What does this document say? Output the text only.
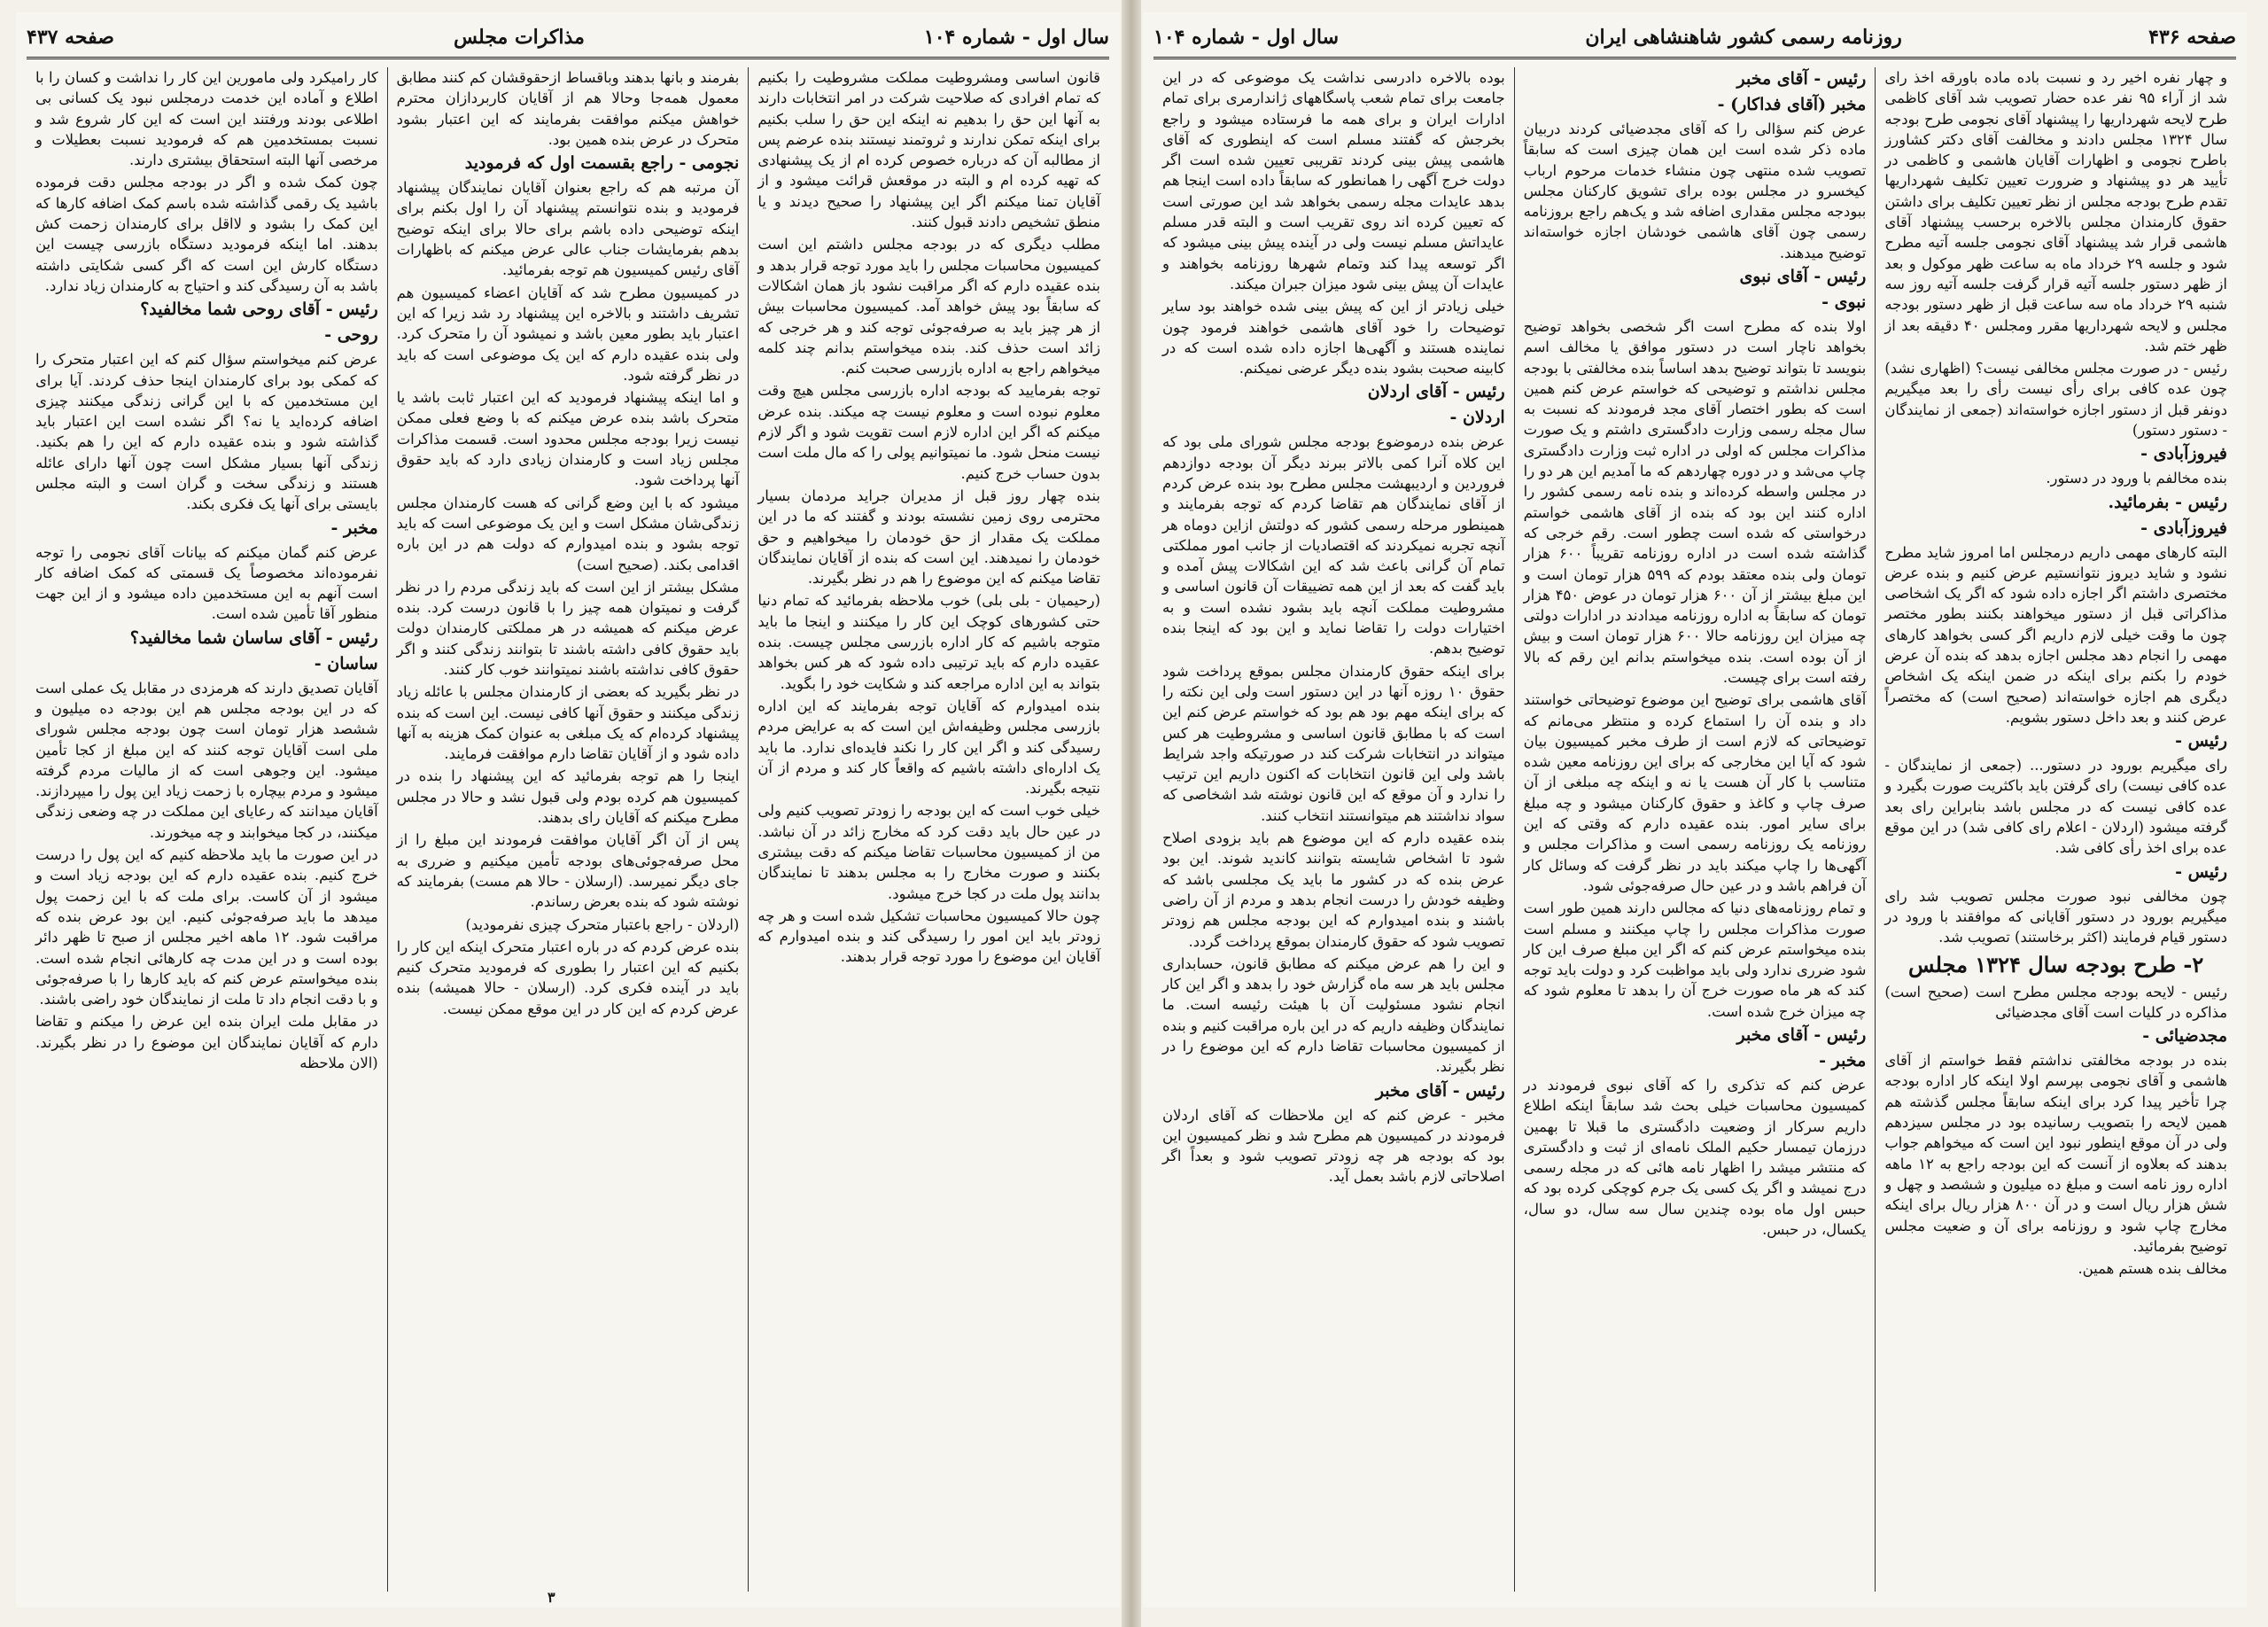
صفحه ۴۳۶
روزنامه رسمی کشور شاهنشاهی ایران
سال اول - شماره ۱۰۴

و چهار نفره اخیر رد و نسبت باده ماده باورقه اخذ رای شد از آراء ۹۵ نفر عده حضار تصویب شد آقای کاظمی طرح لایحه شهرداریها را پیشنهاد آقای نجومی طرح بودجه سال ۱۳۲۴ مجلس دادند و مخالفت آقای دکتر کشاورز باطرح نجومی و اظهارات آقایان هاشمی و کاظمی در تأیید هر دو پیشنهاد و ضرورت تعیین تکلیف شهرداریها تقدم طرح بودجه مجلس از نظر تعیین تکلیف برای داشتن حقوق کارمندان مجلس بالاخره برحسب پیشنهاد آقای هاشمی قرار شد پیشنهاد آقای نجومی جلسه آتیه مطرح شود و جلسه ۲۹ خرداد ماه به ساعت ظهر موکول و بعد از ظهر دستور جلسه آتیه قرار گرفت جلسه آتیه روز سه شنبه ۲۹ خرداد ماه سه ساعت قبل از ظهر دستور بودجه مجلس و لایحه شهرداریها مقرر ومجلس ۴۰ دقیقه بعد از ظهر ختم شد.

رئیس - در صورت مجلس مخالفی نیست؟ (اظهاری نشد) چون عده کافی برای رأی نیست رأی را بعد میگیریم دونفر قبل از دستور اجازه خواسته‌اند (جمعی از نمایندگان - دستور دستور)

فیروزآبادی -

بنده مخالفم با ورود در دستور.

رئیس - بفرمائید.

فیروزآبادی -

البته کارهای مهمی داریم درمجلس اما امروز شاید مطرح نشود و شاید دیروز نتوانستیم عرض کنیم و بنده عرض مختصری داشتم اگر اجازه داده شود که اگر یک اشخاصی مذاکراتی قبل از دستور میخواهند بکنند بطور مختصر چون ما وقت خیلی لازم داریم اگر کسی بخواهد کارهای مهمی را انجام دهد مجلس اجازه بدهد که بنده آن عرض خودم را بکنم برای اینکه در ضمن اینکه یک اشخاص دیگری هم اجازه خواسته‌اند (صحیح است) که مختصراً عرض کنند و بعد داخل دستور بشویم.

رئیس -

رای میگیریم بورود در دستور... (جمعی از نمایندگان - عده کافی نیست) رای گرفتن باید باکثریت صورت بگیرد و عده کافی نیست که در مجلس باشد بنابراین رای بعد گرفته میشود (اردلان - اعلام رای کافی شد) در این موقع عده برای اخذ رأی کافی شد.

رئیس -

چون مخالفی نبود صورت مجلس تصویب شد رای میگیریم بورود در دستور آقایانی که موافقند با ورود در دستور قیام فرمایند (اکثر برخاستند) تصویب شد.

۲- طرح بودجه سال ۱۳۲۴ مجلس

رئیس - لایحه بودجه مجلس مطرح است (صحیح است) مذاکره در کلیات است آقای مجدضیائی

مجدضیائی -

بنده در بودجه مخالفتی نداشتم فقط خواستم از آقای هاشمی و آقای نجومی بپرسم اولا اینکه کار اداره بودجه چرا تأخیر پیدا کرد برای اینکه سابقاً مجلس گذشته هم همین لایحه را بتصویب رسانیده بود در مجلس سیزدهم ولی در آن موقع اینطور نبود این است که میخواهم جواب بدهند که بعلاوه از آنست که این بودجه راجع به ۱۲ ماهه اداره روز نامه است و مبلغ ده میلیون و ششصد و چهل و شش هزار ریال است و در آن ۸۰۰ هزار ریال برای اینکه مخارج چاپ شود و روزنامه برای آن و ضعیت مجلس توضیح بفرمائید.

مخالف بنده هستم همین.

رئیس - آقای مخبر

مخبر (آقای فداکار) -

عرض کنم سؤالی را که آقای مجدضیائی کردند دربیان ماده ذکر شده است این همان چیزی است که سابقاً تصویب شده منتهی چون منشاء خدمات مرحوم ارباب کیخسرو در مجلس بوده برای تشویق کارکنان مجلس ببودجه مجلس مقداری اضافه شد و یک‌هم راجع بروزنامه رسمی چون آقای هاشمی خودشان اجازه خواسته‌اند توضیح میدهند.

رئیس - آقای نبوی

نبوی -

اولا بنده که مطرح است اگر شخصی بخواهد توضیح بخواهد ناچار است در دستور موافق یا مخالف اسم بنویسد تا بتواند توضیح بدهد اساساً بنده مخالفتی با بودجه مجلس نداشتم و توضیحی که خواستم عرض کنم همین است که بطور اختصار آقای مجد فرمودند که نسبت به سال مجله رسمی وزارت دادگستری داشتم و یک صورت مذاکرات مجلس که اولی در اداره ثبت وزارت دادگستری چاپ می‌شد و در دوره چهاردهم که ما آمدیم این هر دو را در مجلس واسطه کرده‌اند و بنده نامه رسمی کشور را اداره کنند این بود که بنده از آقای هاشمی خواستم درخواستی که شده است چطور است. رقم خرجی که گذاشته شده است در اداره روزنامه تقریباً ۶۰۰ هزار تومان ولی بنده معتقد بودم که ۵۹۹ هزار تومان است و این مبلغ بیشتر از آن ۶۰۰ هزار تومان در عوض ۴۵۰ هزار تومان که سابقاً به اداره روزنامه میدادند در ادارات دولتی چه میزان این روزنامه حالا ۶۰۰ هزار تومان است و بیش از آن بوده است. بنده میخواستم بدانم این رقم که بالا رفته است برای چیست.

آقای هاشمی برای توضیح این موضوع توضیحاتی خواستند داد و بنده آن را استماع کرده و منتظر می‌مانم که توضیحاتی که لازم است از طرف مخبر کمیسیون بیان شود که آیا این مخارجی که برای این روزنامه معین شده متناسب با کار آن هست یا نه و اینکه چه مبلغی از آن صرف چاپ و کاغذ و حقوق کارکنان میشود و چه مبلغ برای سایر امور. بنده عقیده دارم که وقتی که این روزنامه یک روزنامه رسمی است و مذاکرات مجلس و آگهی‌ها را چاپ میکند باید در نظر گرفت که وسائل کار آن فراهم باشد و در عین حال صرفه‌جوئی شود.

و تمام روزنامه‌های دنیا که مجالس دارند همین طور است صورت مذاکرات مجلس را چاپ میکنند و مسلم است بنده میخواستم عرض کنم که اگر این مبلغ صرف این کار شود ضرری ندارد ولی باید مواظبت کرد و دولت باید توجه کند که هر ماه صورت خرج آن را بدهد تا معلوم شود که چه میزان خرج شده است.

رئیس - آقای مخبر

مخبر -

عرض کنم که تذکری را که آقای نبوی فرمودند در کمیسیون محاسبات خیلی بحث شد سابقاً اینکه اطلاع داریم سرکار از وضعیت دادگستری ما قبلا تا بهمین درزمان تیمسار حکیم الملک نامه‌ای از ثبت و دادگستری که منتشر میشد را اظهار نامه هائی که در مجله رسمی درج نمیشد و اگر یک کسی یک جرم کوچکی کرده بود که حبس اول ماه بوده چندین سال سه سال، دو سال، یکسال، در حبس.

بوده‌ بالاخره دادرسی نداشت یک موضوعی که در این جامعت برای تمام شعب پاسگاههای ژاندارمری برای تمام ادارات ایران و برای همه ما فرستاده میشود و راجع بخرجش که گفتند مسلم است که اینطوری که آقای هاشمی پیش بینی کردند تقریبی تعیین شده است اگر دولت خرج آگهی را همانطور که سابقاً داده است اینجا هم بدهد عایدات مجله رسمی بخواهد شد این صورتی است که تعیین کرده اند روی تقریب است و البته قدر مسلم عایداتش مسلم نیست ولی در آینده پیش بینی میشود که اگر توسعه پیدا کند وتمام شهرها روزنامه بخواهند و عایدات آن پیش بینی شود میزان جبران میکند.

خیلی زیادتر از این که پیش بینی شده خواهند بود سایر توضیحات را خود آقای هاشمی خواهند فرمود چون نماینده هستند و آگهی‌ها اجازه داده شده است که در کابینه صحبت بشود بنده دیگر عرضی نمیکنم.

رئیس - آقای اردلان

اردلان -

عرض بنده درموضوع بودجه مجلس شورای ملی بود که این کلاه آنرا کمی بالاتر ببرند دیگر آن بودجه دوازدهم فروردین و اردیبهشت مجلس مطرح بود بنده عرض کردم از آقای نمایندگان هم تقاضا کردم که توجه بفرمایند و همینطور مرحله رسمی کشور که دولتش ازاین دوماه هر آنچه تجربه نمیکردند که اقتصادیات از جانب امور مملکتی تمام آن گرانی باعث شد که این اشکالات پیش آمده و باید گفت که بعد از این همه تضییقات آن قانون اساسی و مشروطیت مملکت آنچه باید بشود نشده است و به اختیارات دولت را تقاضا نماید و این بود که اینجا بنده توضیح بدهم.

برای اینکه حقوق کارمندان مجلس بموقع پرداخت شود حقوق ۱۰ روزه آنها در این دستور است ولی این نکته را که برای اینکه مهم بود هم بود که خواستم عرض کنم این است که با مطابق قانون اساسی و مشروطیت هر کس میتواند در انتخابات شرکت کند در صورتیکه واجد شرایط باشد ولی این قانون انتخابات که اکنون داریم این ترتیب را ندارد و آن موقع که این قانون نوشته شد اشخاصی که سواد نداشتند هم میتوانستند انتخاب کنند.

بنده عقیده دارم که این موضوع هم باید بزودی اصلاح شود تا اشخاص شایسته بتوانند کاندید شوند. این بود عرض بنده که در کشور ما باید یک مجلسی باشد که وظیفه خودش را درست انجام بدهد و مردم از آن راضی باشند و بنده امیدوارم که این بودجه مجلس هم زودتر تصویب شود که حقوق کارمندان بموقع پرداخت گردد.

و این را هم عرض میکنم که مطابق قانون، حسابداری مجلس باید هر سه ماه گزارش خود را بدهد و اگر این کار انجام نشود مسئولیت آن با هیئت رئیسه است. ما نمایندگان وظیفه داریم که در این باره مراقبت کنیم و بنده از کمیسیون محاسبات تقاضا دارم که این موضوع را در نظر بگیرند.

رئیس - آقای مخبر

مخبر - عرض کنم که این ملاحظات که آقای اردلان فرمودند در کمیسیون هم مطرح شد و نظر کمیسیون این بود که بودجه هر چه زودتر تصویب شود و بعداً اگر اصلاحاتی لازم باشد بعمل آید.

سال اول - شماره ۱۰۴
مذاکرات مجلس
صفحه ۴۳۷

قانون اساسی ومشروطیت مملکت مشروطیت را بکنیم که تمام افرادی که صلاحیت شرکت در امر انتخابات دارند به آنها این حق را بدهیم نه اینکه این حق را سلب بکنیم برای اینکه تمکن ندارند و ثروتمند نیستند بنده عرضم پس از مطالبه آن که درباره خصوص کرده ام از یک پیشنهادی که تهیه کرده ام و البته در موقعش قرائت میشود و از آقایان تمنا میکنم اگر این پیشنهاد را صحیح دیدند و یا منطق تشخیص دادند قبول کنند.

مطلب دیگری که در بودجه مجلس داشتم این است کمیسیون محاسبات مجلس را باید مورد توجه قرار بدهد و بنده عقیده دارم که اگر مراقبت نشود باز همان اشکالات که سابقاً بود پیش خواهد آمد. کمیسیون محاسبات بیش از هر چیز باید به صرفه‌جوئی توجه کند و هر خرجی که زائد است حذف کند. بنده میخواستم بدانم چند کلمه میخواهم راجع به اداره بازرسی صحبت کنم.

توجه بفرمایید که بودجه اداره بازرسی مجلس هیچ وقت معلوم نبوده است و معلوم نیست چه میکند. بنده عرض میکنم که اگر این اداره لازم است تقویت شود و اگر لازم نیست منحل شود. ما نمیتوانیم پولی را که مال ملت است بدون حساب خرج کنیم.

بنده چهار روز قبل از مدیران جراید مردمان بسیار محترمی روی زمین نشسته بودند و گفتند که ما در این مملکت یک مقدار از حق خودمان را میخواهیم و حق خودمان را نمیدهند. این است که بنده از آقایان نمایندگان تقاضا میکنم که این موضوع را هم در نظر بگیرند.

(رحیمیان - بلی بلی) خوب ملاحظه بفرمائید که تمام دنیا حتی کشورهای کوچک این کار را میکنند و اینجا ما باید متوجه باشیم که کار اداره بازرسی مجلس چیست. بنده عقیده دارم که باید ترتیبی داده شود که هر کس بخواهد بتواند به این اداره مراجعه کند و شکایت خود را بگوید.

بنده امیدوارم که آقایان توجه بفرمایند که این اداره بازرسی مجلس وظیفه‌اش این است که به عرایض مردم رسیدگی کند و اگر این کار را نکند فایده‌ای ندارد. ما باید یک اداره‌ای داشته باشیم که واقعاً کار کند و مردم از آن نتیجه بگیرند.

خیلی خوب است که این بودجه را زودتر تصویب کنیم ولی در عین حال باید دقت کرد که مخارج زائد در آن نباشد. من از کمیسیون محاسبات تقاضا میکنم که دقت بیشتری بکنند و صورت مخارج را به مجلس بدهند تا نمایندگان بدانند پول ملت در کجا خرج میشود.

چون حالا کمیسیون محاسبات تشکیل شده است و هر چه زودتر باید این امور را رسیدگی کند و بنده امیدوارم که آقایان این موضوع را مورد توجه قرار بدهند.

بفرمند و بانها بدهند وباقساط ازحقوقشان کم کنند مطابق معمول همه‌جا وحالا هم از آقایان کاربردازان محترم خواهش میکنم موافقت بفرمایند که این اعتبار بشود متحرک در عرض بنده همین بود.

نجومی - راجع بقسمت اول که فرمودید

آن مرتبه هم که راجع بعنوان آقایان نمایندگان پیشنهاد فرمودید و بنده نتوانستم پیشنهاد آن را اول بکنم برای اینکه توضیحی داده باشم برای حالا برای اینکه توضیح بدهم بفرمایشات جناب عالی عرض میکنم که باظهارات آقای رئیس کمیسیون هم توجه بفرمائید.

در کمیسیون مطرح شد که آقایان اعضاء کمیسیون هم تشریف داشتند و بالاخره این پیشنهاد رد شد زیرا که این اعتبار باید بطور معین باشد و نمیشود آن را متحرک کرد. ولی بنده عقیده دارم که این یک موضوعی است که باید در نظر گرفته شود.

و اما اینکه پیشنهاد فرمودید که این اعتبار ثابت باشد یا متحرک باشد بنده عرض میکنم که با وضع فعلی ممکن نیست زیرا بودجه مجلس محدود است. قسمت مذاکرات مجلس زیاد است و کارمندان زیادی دارد که باید حقوق آنها پرداخت شود.

میشود که با این وضع گرانی که هست کارمندان مجلس زندگی‌شان مشکل است و این یک موضوعی است که باید توجه بشود و بنده امیدوارم که دولت هم در این باره اقدامی بکند. (صحیح است)

مشکل بیشتر از این است که باید زندگی مردم را در نظر گرفت و نمیتوان همه چیز را با قانون درست کرد. بنده عرض میکنم که همیشه در هر مملکتی کارمندان دولت باید حقوق کافی داشته باشند تا بتوانند زندگی کنند و اگر حقوق کافی نداشته باشند نمیتوانند خوب کار کنند.

در نظر بگیرید که بعضی از کارمندان مجلس با عائله زیاد زندگی میکنند و حقوق آنها کافی نیست. این است که بنده پیشنهاد کرده‌ام که یک مبلغی به عنوان کمک هزینه به آنها داده شود و از آقایان تقاضا دارم موافقت فرمایند.

اینجا را هم توجه بفرمائید که این پیشنهاد را بنده در کمیسیون هم کرده بودم ولی قبول نشد و حالا در مجلس مطرح میکنم که آقایان رای بدهند.

پس از آن اگر آقایان موافقت فرمودند این مبلغ را از محل صرفه‌جوئی‌های بودجه تأمین میکنیم و ضرری به جای دیگر نمیرسد. (ارسلان - حالا هم مست) بفرمایند که نوشته شود که بنده بعرض رساندم.

(اردلان - راجع باعتبار متحرک چیزی نفرمودید)

بنده عرض کردم که در باره اعتبار متحرک اینکه این کار را بکنیم که این اعتبار را بطوری که فرمودید متحرک کنیم باید در آینده فکری کرد. (ارسلان - حالا همیشه) بنده عرض کردم که این کار در این موقع ممکن نیست.

کار رامیکرد ولی مامورین این کار را نداشت و کسان را با اطلاع و آماده این خدمت درمجلس نبود یک کسانی بی اطلاعی بودند ورفتند این است که این کار شروع شد و نسبت بمستخدمین هم که فرمودید نسبت بعطیلات و مرخصی آنها البته استحقاق بیشتری دارند.

چون کمک شده و اگر در بودجه مجلس دقت فرموده باشید یک رقمی گذاشته شده باسم کمک اضافه کارها که این کمک را بشود و لااقل برای کارمندان زحمت کش بدهند. اما اینکه فرمودید دستگاه بازرسی چیست این دستگاه کارش این است که اگر کسی شکایتی داشته باشد به آن رسیدگی کند و احتیاج به کارمندان زیاد ندارد.

رئیس - آقای روحی شما مخالفید؟

روحی -

عرض کنم میخواستم سؤال کنم که این اعتبار متحرک را که کمکی بود برای کارمندان اینجا حذف کردند. آیا برای این مستخدمین که با این گرانی زندگی میکنند چیزی اضافه کرده‌اید یا نه؟ اگر نشده است این اعتبار باید گذاشته شود و بنده عقیده دارم که این را هم بکنید. زندگی آنها بسیار مشکل است چون آنها دارای عائله هستند و زندگی سخت و گران است و البته مجلس بایستی برای آنها یک فکری بکند.

مخبر -

عرض کنم گمان میکنم که بیانات آقای نجومی را توجه نفرموده‌اند مخصوصاً یک قسمتی که کمک اضافه کار است آنهم به این مستخدمین داده میشود و از این جهت منظور آقا تأمین شده است.

رئیس - آقای ساسان شما مخالفید؟

ساسان -

آقایان تصدیق دارند که هرمزدی در مقابل یک عملی است که در این بودجه مجلس هم این بودجه ده میلیون و ششصد هزار تومان است چون بودجه مجلس شورای ملی است آقایان توجه کنند که این مبلغ از کجا تأمین میشود. این وجوهی است که از مالیات مردم گرفته میشود و مردم بیچاره با زحمت زیاد این پول را میپردازند. آقایان میدانند که رعایای این مملکت در چه وضعی زندگی میکنند، در کجا میخوابند و چه میخورند.

در این صورت ما باید ملاحظه کنیم که این پول را درست خرج کنیم. بنده عقیده دارم که این بودجه زیاد است و میشود از آن کاست. برای ملت که با این زحمت پول میدهد ما باید صرفه‌جوئی کنیم. این بود عرض بنده که مراقبت شود. ۱۲ ماهه اخیر مجلس از صبح تا ظهر دائر بوده است و در این مدت چه کارهائی انجام شده است. بنده میخواستم عرض کنم که باید کارها را با صرفه‌جوئی و با دقت انجام داد تا ملت از نمایندگان خود راضی باشند.

در مقابل ملت ایران بنده این عرض را میکنم و تقاضا دارم که آقایان نمایندگان این موضوع را در نظر بگیرند. (الان ملاحظه

۳
